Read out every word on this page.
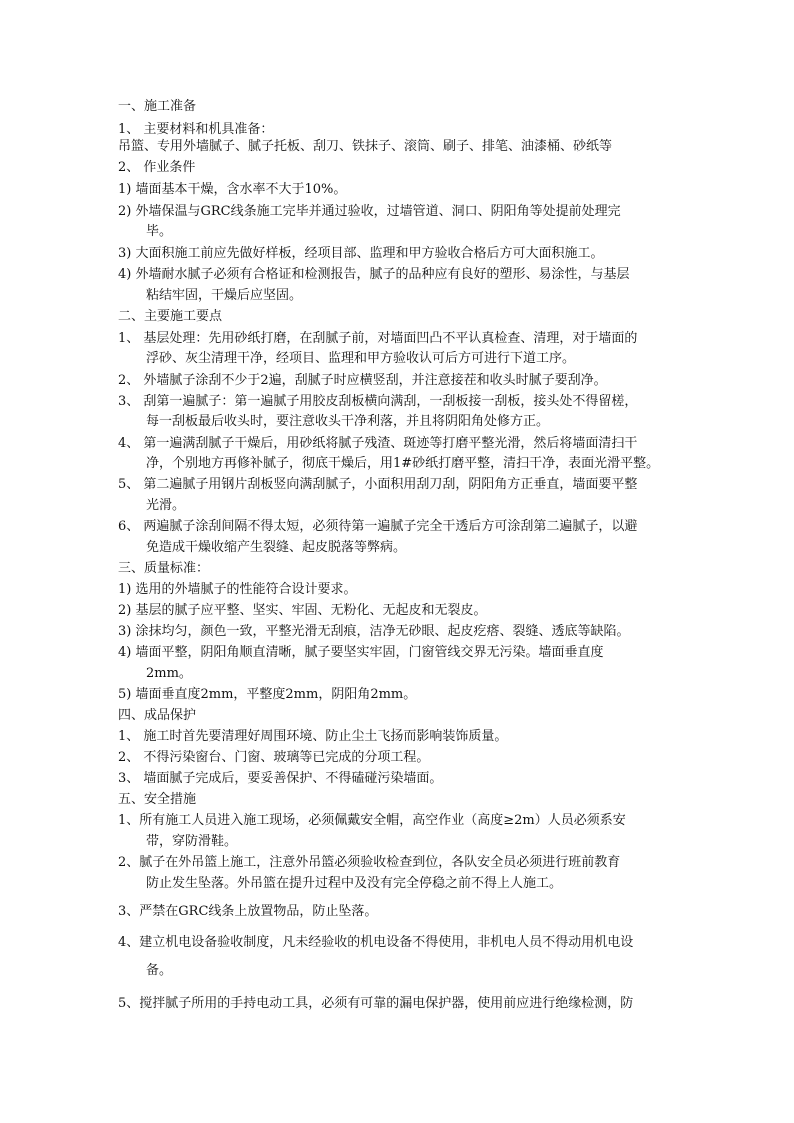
一、施工准备
1、 主要材料和机具准备：
吊篮、专用外墙腻子、腻子托板、刮刀、铁抹子、滚筒、刷子、排笔、油漆桶、砂纸等
2、 作业条件
1) 墙面基本干燥，含水率不大于10%。
2) 外墙保温与GRC线条施工完毕并通过验收，过墙管道、洞口、阴阳角等处提前处理完
毕。
3) 大面积施工前应先做好样板，经项目部、监理和甲方验收合格后方可大面积施工。
4) 外墙耐水腻子必须有合格证和检测报告，腻子的品种应有良好的塑形、易涂性，与基层
粘结牢固，干燥后应坚固。
二、主要施工要点
1、 基层处理：先用砂纸打磨，在刮腻子前，对墙面凹凸不平认真检查、清理，对于墙面的
浮砂、灰尘清理干净，经项目、监理和甲方验收认可后方可进行下道工序。
2、 外墙腻子涂刮不少于2遍，刮腻子时应横竖刮，并注意接茬和收头时腻子要刮净。
3、 刮第一遍腻子：第一遍腻子用胶皮刮板横向满刮，一刮板接一刮板，接头处不得留槎，
每一刮板最后收头时，要注意收头干净利落，并且将阴阳角处修方正。
4、 第一遍满刮腻子干燥后，用砂纸将腻子残渣、斑迹等打磨平整光滑，然后将墙面清扫干
净，个别地方再修补腻子，彻底干燥后，用1#砂纸打磨平整，清扫干净，表面光滑平整。
5、 第二遍腻子用钢片刮板竖向满刮腻子，小面积用刮刀刮，阴阳角方正垂直，墙面要平整
光滑。
6、 两遍腻子涂刮间隔不得太短，必须待第一遍腻子完全干透后方可涂刮第二遍腻子，以避
免造成干燥收缩产生裂缝、起皮脱落等弊病。
三、质量标准：
1) 选用的外墙腻子的性能符合设计要求。
2) 基层的腻子应平整、坚实、牢固、无粉化、无起皮和无裂皮。
3) 涂抹均匀，颜色一致，平整光滑无刮痕，洁净无砂眼、起皮疙瘩、裂缝、透底等缺陷。
4) 墙面平整，阴阳角顺直清晰，腻子要坚实牢固，门窗管线交界无污染。墙面垂直度
2mm。
5) 墙面垂直度2mm，平整度2mm，阴阳角2mm。
四、成品保护
1、 施工时首先要清理好周围环境、防止尘土飞扬而影响装饰质量。
2、 不得污染窗台、门窗、玻璃等已完成的分项工程。
3、 墙面腻子完成后，要妥善保护、不得磕碰污染墙面。
五、安全措施
1、所有施工人员进入施工现场，必须佩戴安全帽，高空作业（高度≥2m）人员必须系安
带，穿防滑鞋。
2、腻子在外吊篮上施工，注意外吊篮必须验收检查到位，各队安全员必须进行班前教育
防止发生坠落。外吊篮在提升过程中及没有完全停稳之前不得上人施工。
3、严禁在GRC线条上放置物品，防止坠落。
4、建立机电设备验收制度，凡未经验收的机电设备不得使用，非机电人员不得动用机电设
备。
5、搅拌腻子所用的手持电动工具，必须有可靠的漏电保护器，使用前应进行绝缘检测，防
